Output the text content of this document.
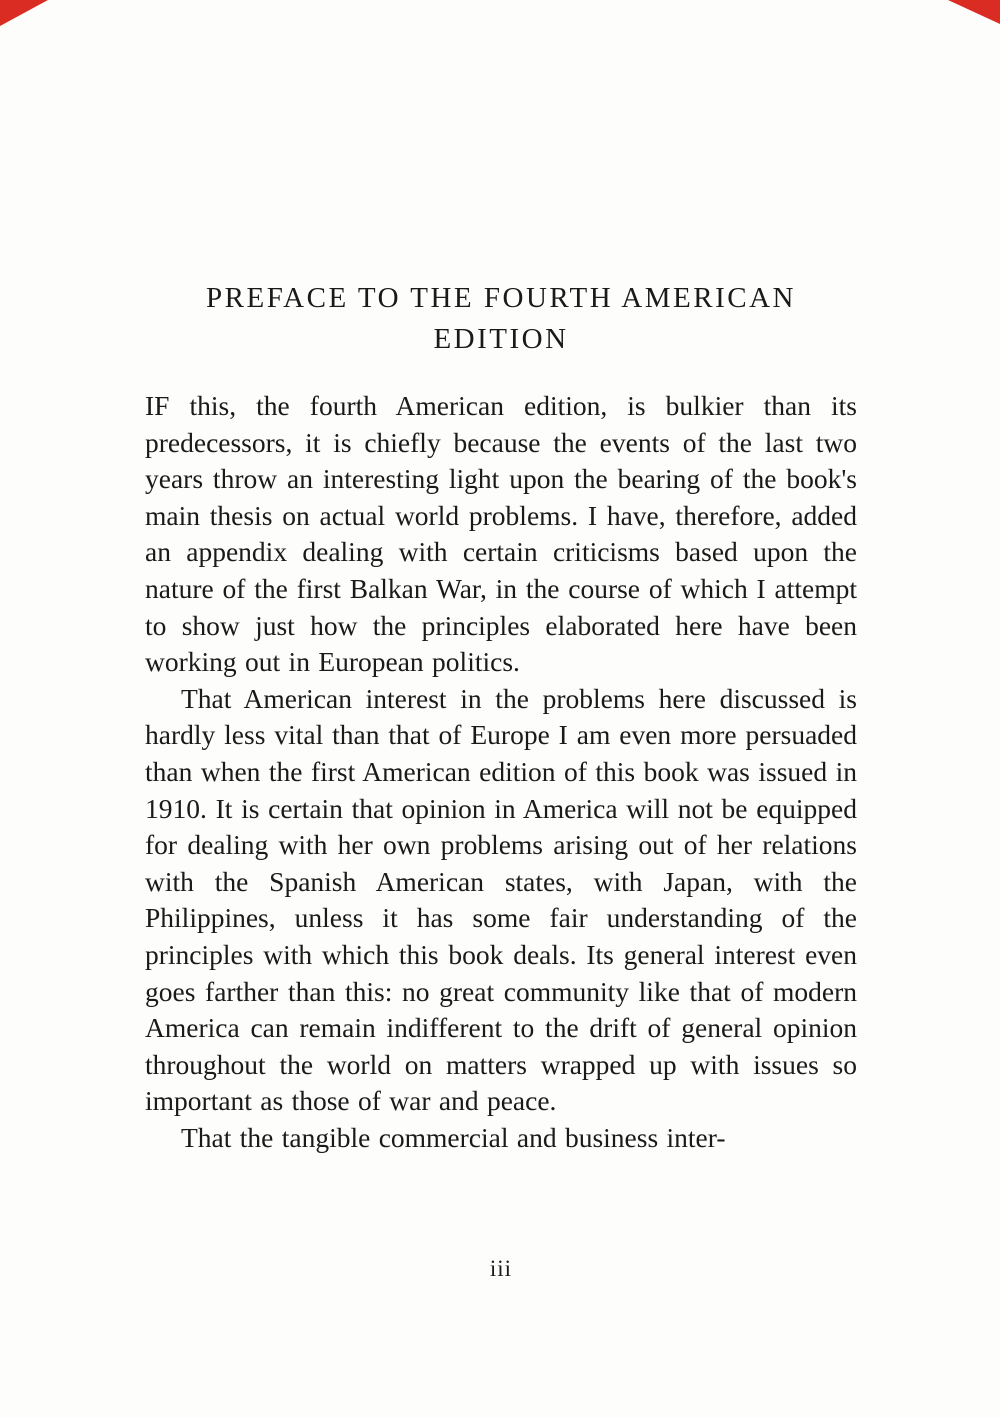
PREFACE TO THE FOURTH AMERICAN
EDITION

IF this, the fourth American edition, is bulkier than its predecessors, it is chiefly because the events of the last two years throw an interesting light upon the bearing of the book's main thesis on actual world problems. I have, therefore, added an appendix dealing with certain criticisms based upon the nature of the first Balkan War, in the course of which I attempt to show just how the principles elaborated here have been working out in European politics.

That American interest in the problems here discussed is hardly less vital than that of Europe I am even more persuaded than when the first American edition of this book was issued in 1910. It is certain that opinion in America will not be equipped for dealing with her own problems arising out of her relations with the Spanish American states, with Japan, with the Philippines, unless it has some fair understanding of the principles with which this book deals. Its general interest even goes farther than this: no great community like that of modern America can remain indifferent to the drift of general opinion throughout the world on matters wrapped up with issues so important as those of war and peace.

That the tangible commercial and business inter-

iii
